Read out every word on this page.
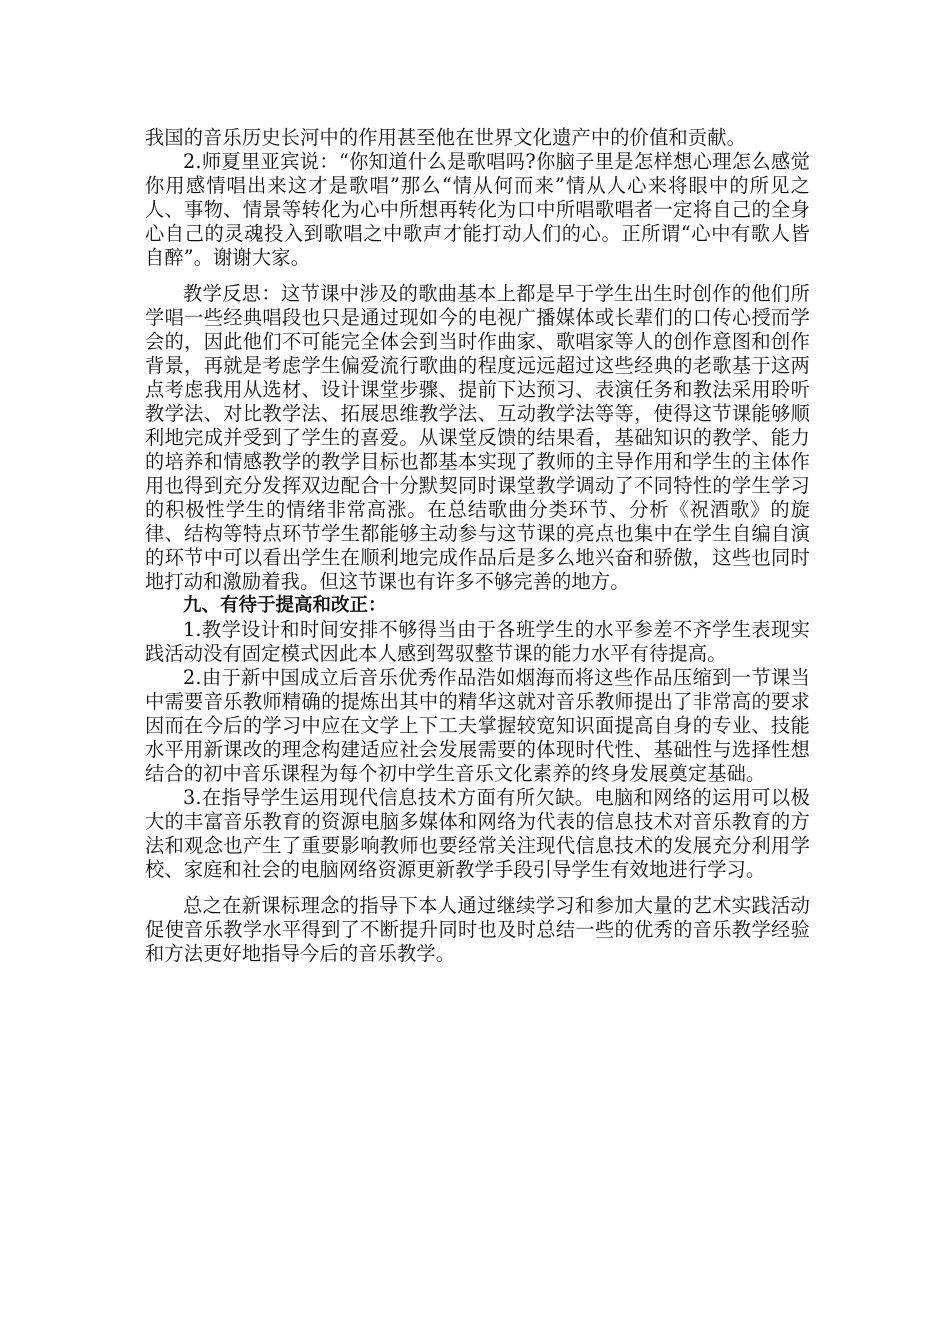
我国的音乐历史长河中的作用甚至他在世界文化遗产中的价值和贡献。

2.师夏里亚宾说：“你知道什么是歌唱吗?你脑子里是怎样想心理怎么感觉你用感情唱出来这才是歌唱”那么“情从何而来”情从人心来将眼中的所见之人、事物、情景等转化为心中所想再转化为口中所唱歌唱者一定将自己的全身心自己的灵魂投入到歌唱之中歌声才能打动人们的心。正所谓“心中有歌人皆自醉”。谢谢大家。

教学反思：这节课中涉及的歌曲基本上都是早于学生出生时创作的他们所学唱一些经典唱段也只是通过现如今的电视广播媒体或长辈们的口传心授而学会的，因此他们不可能完全体会到当时作曲家、歌唱家等人的创作意图和创作背景，再就是考虑学生偏爱流行歌曲的程度远远超过这些经典的老歌基于这两点考虑我用从选材、设计课堂步骤、提前下达预习、表演任务和教法采用聆听教学法、对比教学法、拓展思维教学法、互动教学法等等，使得这节课能够顺利地完成并受到了学生的喜爱。从课堂反馈的结果看，基础知识的教学、能力的培养和情感教学的教学目标也都基本实现了教师的主导作用和学生的主体作用也得到充分发挥双边配合十分默契同时课堂教学调动了不同特性的学生学习的积极性学生的情绪非常高涨。在总结歌曲分类环节、分析《祝酒歌》的旋律、结构等特点环节学生都能够主动参与这节课的亮点也集中在学生自编自演的环节中可以看出学生在顺利地完成作品后是多么地兴奋和骄傲，这些也同时地打动和激励着我。但这节课也有许多不够完善的地方。

九、有待于提高和改正：

1.教学设计和时间安排不够得当由于各班学生的水平参差不齐学生表现实践活动没有固定模式因此本人感到驾驭整节课的能力水平有待提高。

2.由于新中国成立后音乐优秀作品浩如烟海而将这些作品压缩到一节课当中需要音乐教师精确的提炼出其中的精华这就对音乐教师提出了非常高的要求因而在今后的学习中应在文学上下工夫掌握较宽知识面提高自身的专业、技能水平用新课改的理念构建适应社会发展需要的体现时代性、基础性与选择性想结合的初中音乐课程为每个初中学生音乐文化素养的终身发展奠定基础。

3.在指导学生运用现代信息技术方面有所欠缺。电脑和网络的运用可以极大的丰富音乐教育的资源电脑多媒体和网络为代表的信息技术对音乐教育的方法和观念也产生了重要影响教师也要经常关注现代信息技术的发展充分利用学校、家庭和社会的电脑网络资源更新教学手段引导学生有效地进行学习。

总之在新课标理念的指导下本人通过继续学习和参加大量的艺术实践活动促使音乐教学水平得到了不断提升同时也及时总结一些的优秀的音乐教学经验和方法更好地指导今后的音乐教学。
